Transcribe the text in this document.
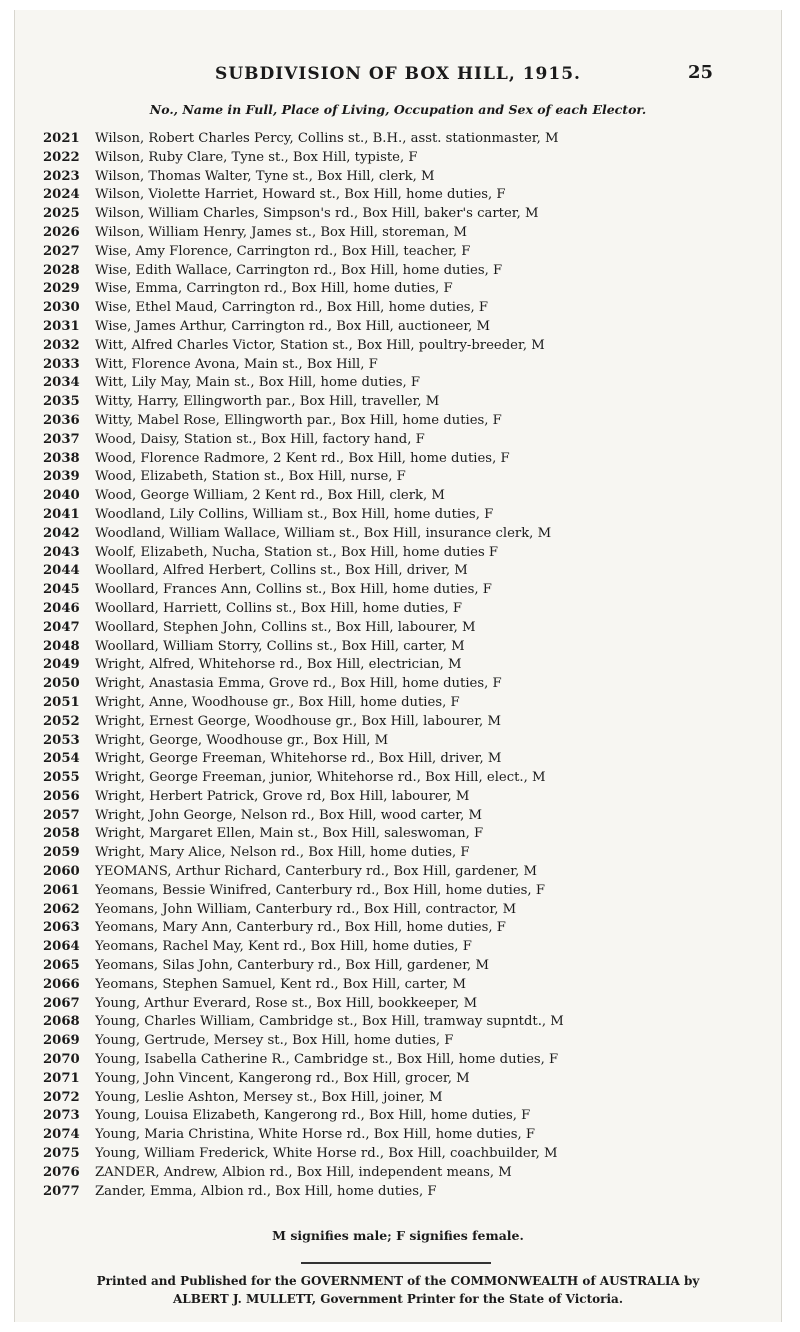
SUBDIVISION OF BOX HILL, 1915.	25
No., Name in Full, Place of Living, Occupation and Sex of each Elector.
2021	Wilson, Robert Charles Percy, Collins st., B.H., asst. stationmaster, M
2022	Wilson, Ruby Clare, Tyne st., Box Hill, typiste, F
2023	Wilson, Thomas Walter, Tyne st., Box Hill, clerk, M
2024	Wilson, Violette Harriet, Howard st., Box Hill, home duties, F
2025	Wilson, William Charles, Simpson's rd., Box Hill, baker's carter, M
2026	Wilson, William Henry, James st., Box Hill, storeman, M
2027	Wise, Amy Florence, Carrington rd., Box Hill, teacher, F
2028	Wise, Edith Wallace, Carrington rd., Box Hill, home duties, F
2029	Wise, Emma, Carrington rd., Box Hill, home duties, F
2030	Wise, Ethel Maud, Carrington rd., Box Hill, home duties, F
2031	Wise, James Arthur, Carrington rd., Box Hill, auctioneer, M
2032	Witt, Alfred Charles Victor, Station st., Box Hill, poultry-breeder, M
2033	Witt, Florence Avona, Main st., Box Hill, F
2034	Witt, Lily May, Main st., Box Hill, home duties, F
2035	Witty, Harry, Ellingworth par., Box Hill, traveller, M
2036	Witty, Mabel Rose, Ellingworth par., Box Hill, home duties, F
2037	Wood, Daisy, Station st., Box Hill, factory hand, F
2038	Wood, Florence Radmore, 2 Kent rd., Box Hill, home duties, F
2039	Wood, Elizabeth, Station st., Box Hill, nurse, F
2040	Wood, George William, 2 Kent rd., Box Hill, clerk, M
2041	Woodland, Lily Collins, William st., Box Hill, home duties, F
2042	Woodland, William Wallace, William st., Box Hill, insurance clerk, M
2043	Woolf, Elizabeth, Nucha, Station st., Box Hill, home duties F
2044	Woollard, Alfred Herbert, Collins st., Box Hill, driver, M
2045	Woollard, Frances Ann, Collins st., Box Hill, home duties, F
2046	Woollard, Harriett, Collins st., Box Hill, home duties, F
2047	Woollard, Stephen John, Collins st., Box Hill, labourer, M
2048	Woollard, William Storry, Collins st., Box Hill, carter, M
2049	Wright, Alfred, Whitehorse rd., Box Hill, electrician, M
2050	Wright, Anastasia Emma, Grove rd., Box Hill, home duties, F
2051	Wright, Anne, Woodhouse gr., Box Hill, home duties, F
2052	Wright, Ernest George, Woodhouse gr., Box Hill, labourer, M
2053	Wright, George, Woodhouse gr., Box Hill, M
2054	Wright, George Freeman, Whitehorse rd., Box Hill, driver, M
2055	Wright, George Freeman, junior, Whitehorse rd., Box Hill, elect., M
2056	Wright, Herbert Patrick, Grove rd, Box Hill, labourer, M
2057	Wright, John George, Nelson rd., Box Hill, wood carter, M
2058	Wright, Margaret Ellen, Main st., Box Hill, saleswoman, F
2059	Wright, Mary Alice, Nelson rd., Box Hill, home duties, F
2060	YEOMANS, Arthur Richard, Canterbury rd., Box Hill, gardener, M
2061	Yeomans, Bessie Winifred, Canterbury rd., Box Hill, home duties, F
2062	Yeomans, John William, Canterbury rd., Box Hill, contractor, M
2063	Yeomans, Mary Ann, Canterbury rd., Box Hill, home duties, F
2064	Yeomans, Rachel May, Kent rd., Box Hill, home duties, F
2065	Yeomans, Silas John, Canterbury rd., Box Hill, gardener, M
2066	Yeomans, Stephen Samuel, Kent rd., Box Hill, carter, M
2067	Young, Arthur Everard, Rose st., Box Hill, bookkeeper, M
2068	Young, Charles William, Cambridge st., Box Hill, tramway supntdt., M
2069	Young, Gertrude, Mersey st., Box Hill, home duties, F
2070	Young, Isabella Catherine R., Cambridge st., Box Hill, home duties, F
2071	Young, John Vincent, Kangerong rd., Box Hill, grocer, M
2072	Young, Leslie Ashton, Mersey st., Box Hill, joiner, M
2073	Young, Louisa Elizabeth, Kangerong rd., Box Hill, home duties, F
2074	Young, Maria Christina, White Horse rd., Box Hill, home duties, F
2075	Young, William Frederick, White Horse rd., Box Hill, coachbuilder, M
2076	ZANDER, Andrew, Albion rd., Box Hill, independent means, M
2077	Zander, Emma, Albion rd., Box Hill, home duties, F
M signifies male; F signifies female.
Printed and Published for the GOVERNMENT of the COMMONWEALTH of AUSTRALIA by
ALBERT J. MULLETT, Government Printer for the State of Victoria.
